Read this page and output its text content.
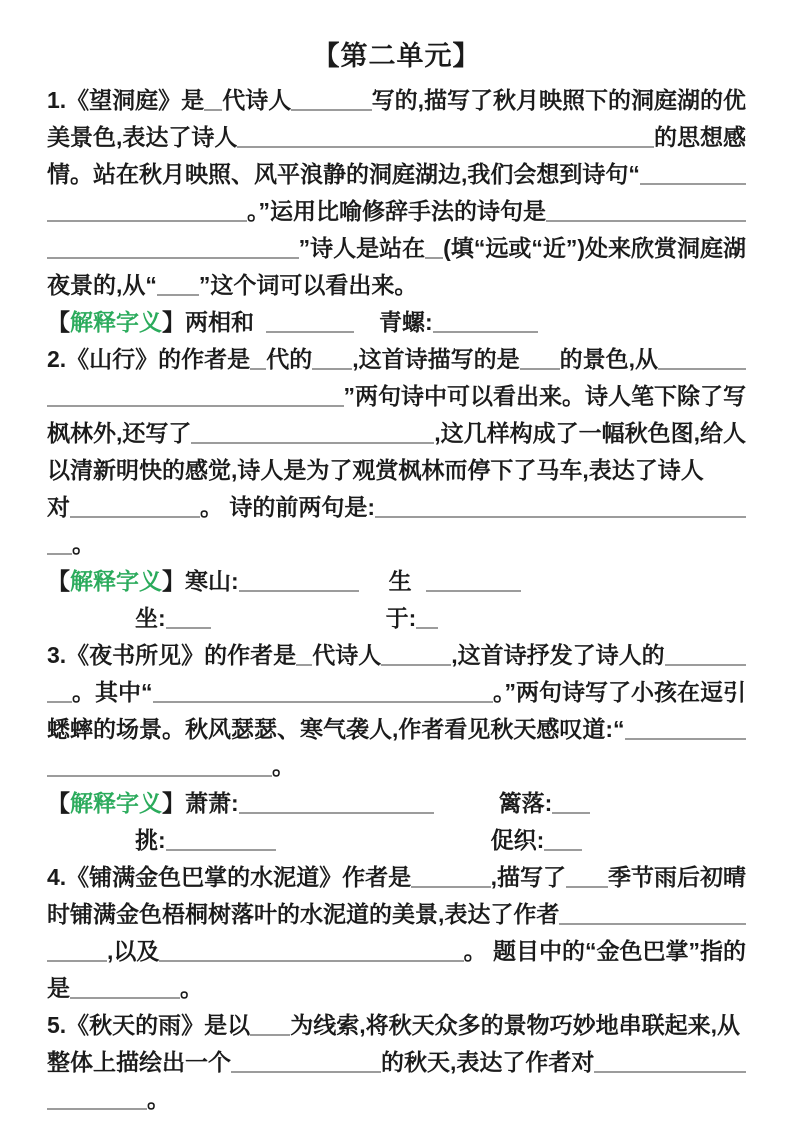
【第二单元】
1.《望洞庭》是 代诗人	写的,描写了秋月映照下的洞庭湖的优
美景色,表达了诗人	的思想感
情。站在秋月映照、风平浪静的洞庭湖边,我们会想到诗句“
。”运用比喻修辞手法的诗句是
”诗人是站在 (填“远或“近”)处来欣赏洞庭湖
夜景的,从“ ”这个词可以看出来。
【 解释字义 】两相和	青螺:
2.《山行》的作者是 代的 ,这首诗描写的是 的景色,从
”两句诗中可以看出来。诗人笔下除了写
枫林外,还写了	,这几样构成了一幅秋色图,给人
以清新明快的感觉,诗人是为了观赏枫林而停下了马车,表达了诗人
对	。 诗的前两句是:
。
【 解释字义 】寒山:	生
坐:	于:
3.《夜书所见》的作者是 代诗人	,这首诗抒发了诗人的
。其中“	。”两句诗写了小孩在逗引
蟋蟀的场景。秋风瑟瑟、寒气袭人,作者看见秋天感叹道:“
。
【 解释字义 】萧萧:	篱落:
挑:	促织:
4.《铺满金色巴掌的水泥道》作者是	,描写了 季节雨后初晴
时铺满金色梧桐树落叶的水泥道的美景,表达了作者
,以及	。 题目中的“金色巴掌”指的
是	。
5.《秋天的雨》是以 为线索,将秋天众多的景物巧妙地串联起来,从
整体上描绘出一个	的秋天,表达了作者对
。
